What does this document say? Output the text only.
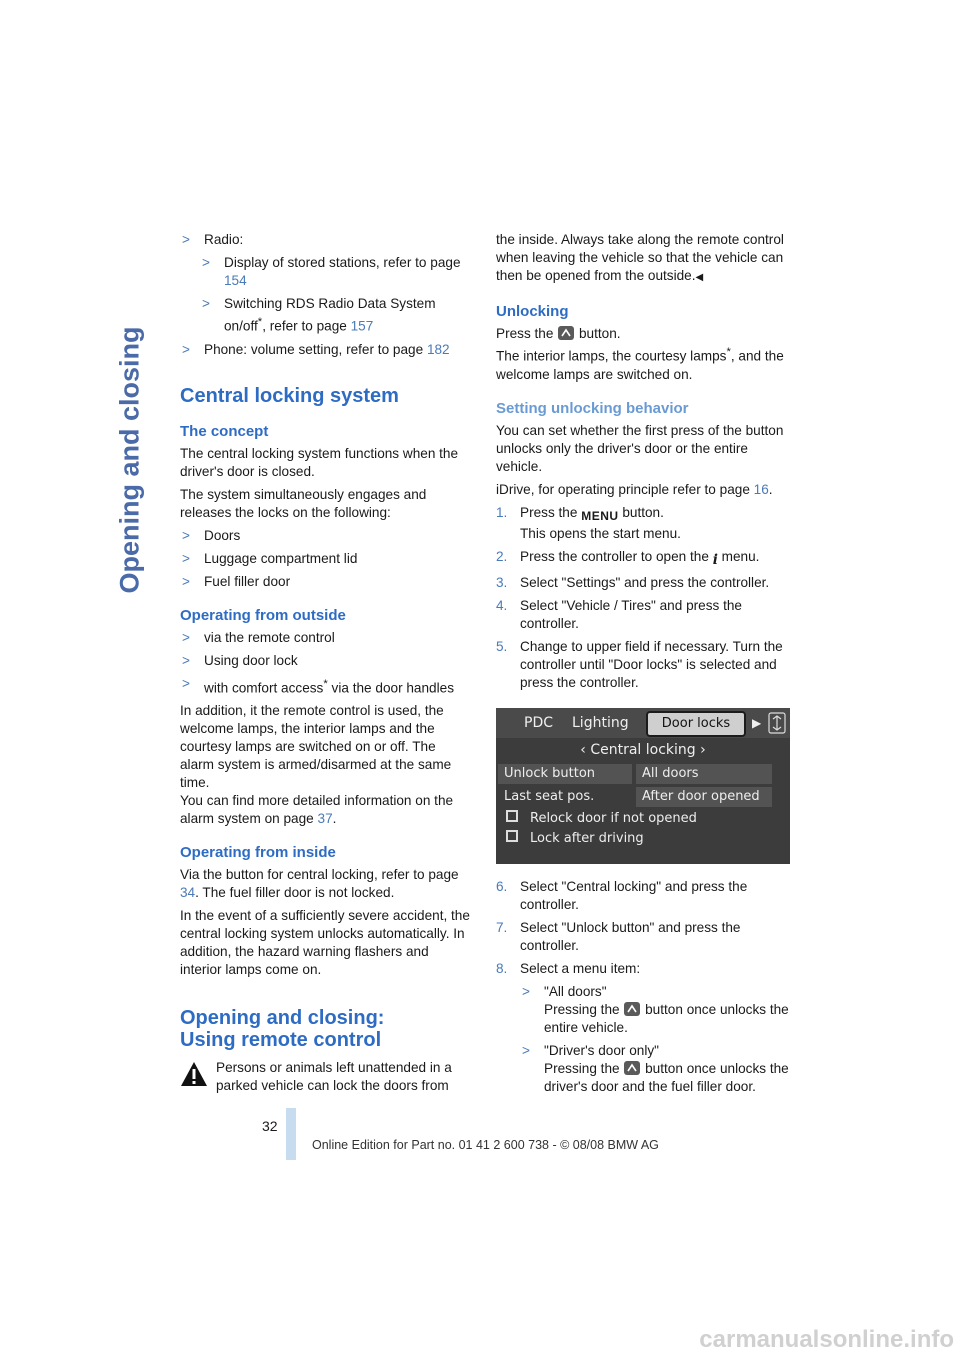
Opening and closing
> Radio:
> Display of stored stations, refer to page 154
> Switching RDS Radio Data System on/off*, refer to page 157
> Phone: volume setting, refer to page 182
Central locking system
The concept

The central locking system functions when the driver's door is closed.

The system simultaneously engages and releases the locks on the following:

> Doors
> Luggage compartment lid
> Fuel filler door
Operating from outside
> via the remote control
> Using door lock
> with comfort access* via the door handles

In addition, it the remote control is used, the welcome lamps, the interior lamps and the courtesy lamps are switched on or off. The alarm system is armed/disarmed at the same time.

You can find more detailed information on the alarm system on page 37.

Operating from inside

Via the button for central locking, refer to page 34. The fuel filler door is not locked.

In the event of a sufficiently severe accident, the central locking system unlocks automatically. In addition, the hazard warning flashers and interior lamps come on.

Opening and closing:
Using remote control
Persons or animals left unattended in a parked vehicle can lock the doors from

the inside. Always take along the remote control when leaving the vehicle so that the vehicle can then be opened from the outside.◀

Unlocking

Press the  button.

The interior lamps, the courtesy lamps*, and the welcome lamps are switched on.

Setting unlocking behavior

You can set whether the first press of the button unlocks only the driver's door or the entire vehicle.

iDrive, for operating principle refer to page 16.

1. Press the MENU button.
This opens the start menu.
2. Press the controller to open the i menu.
3. Select "Settings" and press the controller.
4. Select "Vehicle / Tires" and press the controller.
5. Change to upper field if necessary. Turn the controller until "Door locks" is selected and press the controller.
PDC Lighting	Door locks	▶
‹ Central locking ›
Unlock button	All doors
Last seat pos.	After door opened
Relock door if not opened
Lock after driving
6. Select "Central locking" and press the controller.
7. Select "Unlock button" and press the controller.
8. Select a menu item:
> "All doors"
Pressing the  button once unlocks the entire vehicle.
> "Driver's door only"
Pressing the  button once unlocks the driver's door and the fuel filler door.
32
Online Edition for Part no. 01 41 2 600 738 - © 08/08 BMW AG
carmanualsonline.info
